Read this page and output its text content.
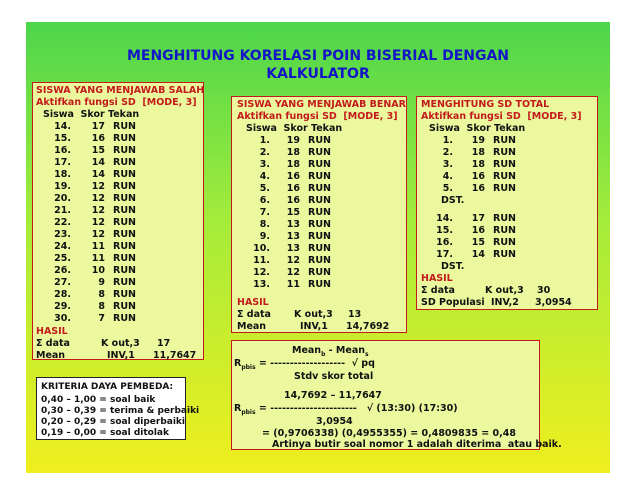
MENGHITUNG KORELASI POIN BISERIAL DENGAN
KALKULATOR
SISWA YANG MENJAWAB SALAH
Aktifkan fungsi SD  [MODE, 3]
Siswa  Skor Tekan
14. 17 RUN
15. 16 RUN
16. 15 RUN
17. 14 RUN
18. 14 RUN
19. 12 RUN
20. 12 RUN
21. 12 RUN
22. 12 RUN
23. 12 RUN
24. 11 RUN
25. 11 RUN
26. 10 RUN
27.	9 RUN
28.	8 RUN
29.	8 RUN
30.	7 RUN
HASIL
Σ data	K out,3 17
Mean	INV,1 11,7647
SISWA YANG MENJAWAB BENAR
Aktifkan fungsi SD  [MODE, 3]
Siswa  Skor Tekan
1. 19 RUN
2. 18 RUN
3. 18 RUN
4. 16 RUN
5. 16 RUN
6. 16 RUN
7. 15 RUN
8. 13 RUN
9. 13 RUN
10. 13 RUN
11. 12 RUN
12. 12 RUN
13. 11 RUN
HASIL
Σ data K out,3 13
Mean	INV,1 14,7692
MENGHITUNG SD TOTAL
Aktifkan fungsi SD  [MODE, 3]
Siswa  Skor Tekan
1. 19 RUN
2. 18 RUN
3. 18 RUN
4. 16 RUN
5. 16 RUN
DST.
14. 17 RUN
15. 16 RUN
16. 15 RUN
17. 14 RUN
DST.
HASIL
Σ data	K out,3 30
SD Populasi INV,2 3,0954
KRITERIA DAYA PEMBEDA:
0,40 – 1,00 = soal baik
0,30 – 0,39 = terima & perbaiki
0,20 – 0,29 = soal diperbaiki
0,19 – 0,00 = soal ditolak
Mean$_b$ - Mean$_s$
$R_{pbis}$ = -------------------  √ pq
Stdv skor total
14,7692 – 11,7647
$R_{pbis}$ = ----------------------   √ (13:30) (17:30)
3,0954
= (0,9706338) (0,4955355) = 0,4809835 = 0,48
Artinya butir soal nomor 1 adalah diterima  atau baik.
